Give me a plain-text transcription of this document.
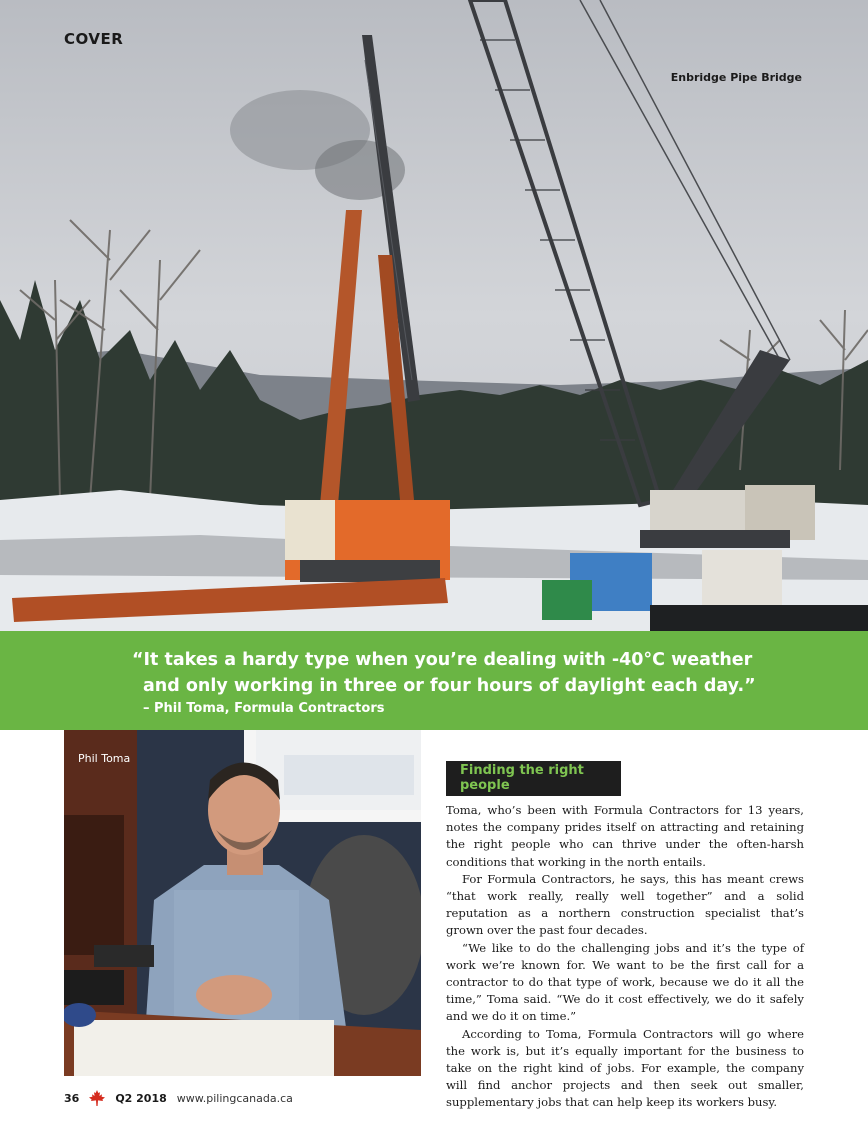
COVER
Enbridge Pipe Bridge
“It takes a hardy type when you’re dealing with -40°C weather
and only working in three or four hours of daylight each day.”
– Phil Toma, Formula Contractors
Phil Toma
Finding the right people

Toma, who’s been with Formula Contractors for 13 years, notes the company prides itself on attracting and retaining the right people who can thrive under the often-harsh conditions that working in the north entails.

For Formula Contractors, he says, this has meant crews “that work really, really well together” and a solid reputation as a northern construction specialist that’s grown over the past four decades.

“We like to do the challenging jobs and it’s the type of work we’re known for. We want to be the first call for a contractor to do that type of work, because we do it all the time,” Toma said. “We do it cost effectively, we do it safely and we do it on time.”

According to Toma, Formula Contractors will go where the work is, but it’s equally important for the business to take on the right kind of jobs. For example, the company will find anchor projects and then seek out smaller, supplementary jobs that can help keep its workers busy.

36	Q2 2018 www.pilingcanada.ca
